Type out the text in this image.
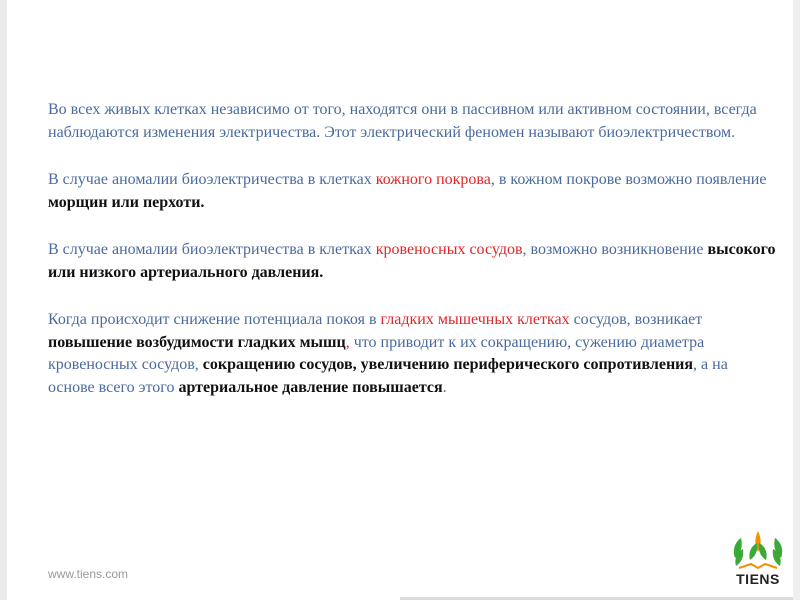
Во всех живых клетках независимо от того, находятся они в пассивном или активном состоянии, всегда наблюдаются изменения электричества. Этот электрический феномен называют биоэлектричеством.

В случае аномалии биоэлектричества в клетках кожного покрова, в кожном покрове возможно появление морщин или перхоти.

В случае аномалии биоэлектричества в клетках кровеносных сосудов, возможно возникновение высокого или низкого артериального давления.

Когда происходит снижение потенциала покоя в гладких мышечных клетках сосудов, возникает повышение возбудимости гладких мышц, что приводит к их сокращению, сужению диаметра кровеносных сосудов, сокращению сосудов, увеличению периферического сопротивления, а на основе всего этого артериальное давление повышается.

www.tiens.com	TIENS
